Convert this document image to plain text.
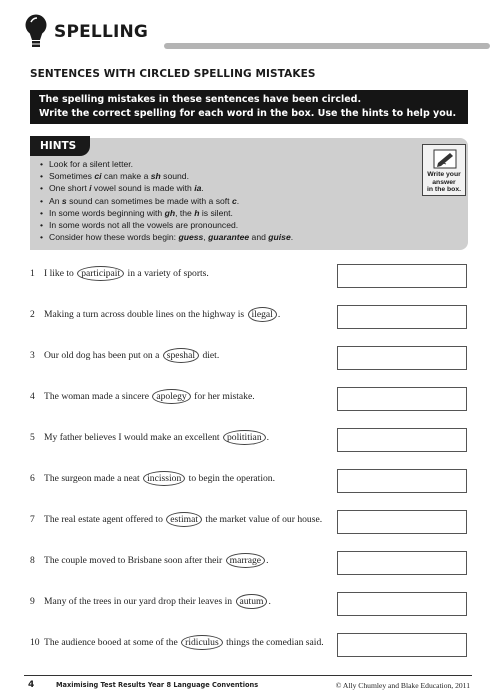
SPELLING
SENTENCES WITH CIRCLED SPELLING MISTAKES
The spelling mistakes in these sentences have been circled.
Write the correct spelling for each word in the box. Use the hints to help you.
HINTS
• Look for a silent letter.
• Sometimes ci can make a sh sound.
• One short i vowel sound is made with ia.
• An s sound can sometimes be made with a soft c.
• In some words beginning with gh, the h is silent.
• In some words not all the vowels are pronounced.
• Consider how these words begin: guess, guarantee and guise.
Write your
answer
in the box.
1 I like to participait in a variety of sports.
2 Making a turn across double lines on the highway is ilegal .
3 Our old dog has been put on a speshal diet.
4 The woman made a sincere apolegy for her mistake.
5 My father believes I would make an excellent polititian .
6 The surgeon made a neat incission to begin the operation.
7 The real estate agent offered to estimat the market value of our house.
8 The couple moved to Brisbane soon after their marrage .
9 Many of the trees in our yard drop their leaves in autum .
10 The audience booed at some of the ridiculus things the comedian said.
4	Maximising Test Results Year 8 Language Conventions	© Ally Chumley and Blake Education, 2011
